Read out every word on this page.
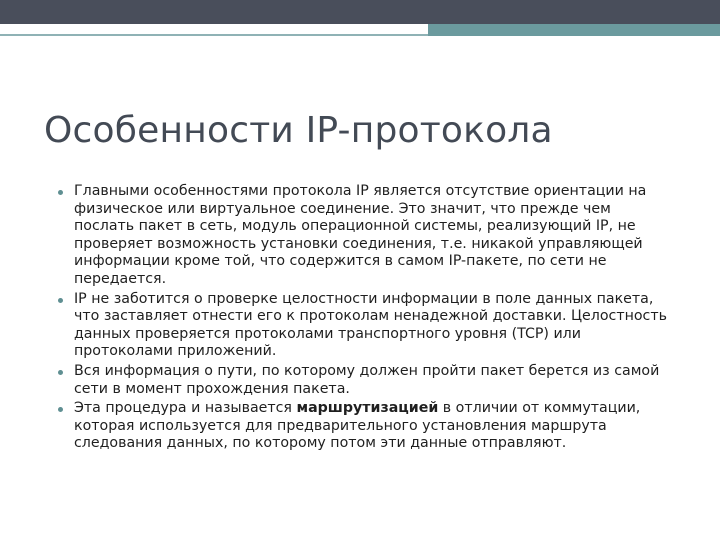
Особенности IP-протокола
Главными особенностями протокола IP является отсутствие ориентации на физическое или виртуальное соединение. Это значит, что прежде чем послать пакет в сеть, модуль операционной системы, реализующий IP, не проверяет возможность установки соединения, т.е. никакой управляющей информации кроме той, что содержится в самом IP-пакете, по сети не передается.
IP не заботится о проверке целостности информации в поле данных пакета, что заставляет отнести его к протоколам ненадежной доставки. Целостность данных проверяется протоколами транспортного уровня (TCP) или протоколами приложений.
Вся информация о пути, по которому должен пройти пакет берется из самой сети в момент прохождения пакета.
Эта процедура и называется маршрутизацией в отличии от коммутации, которая используется для предварительного установления маршрута следования данных, по которому потом эти данные отправляют.
